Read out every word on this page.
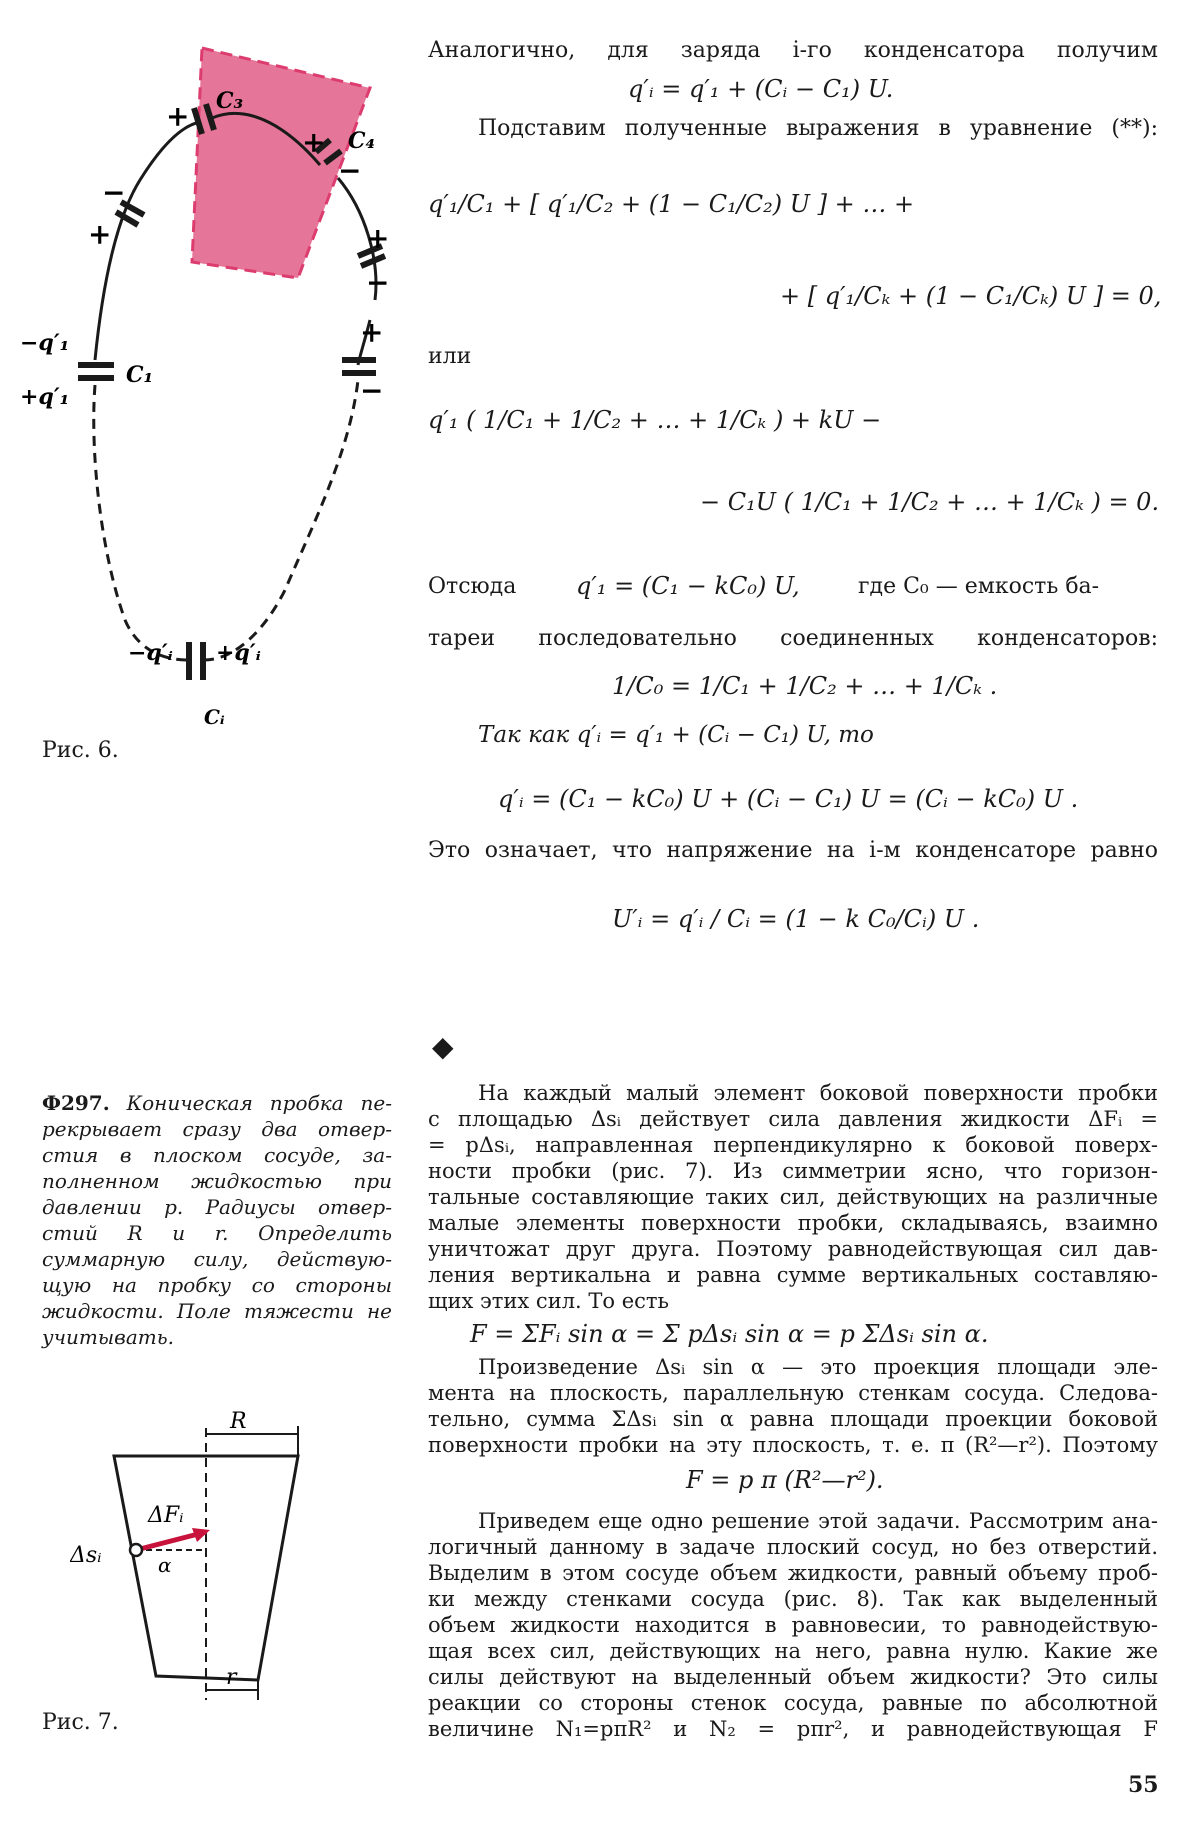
C₃
C₄
C₁
Cᵢ
−q′₁
+q′₁
−q′ᵢ +q′ᵢ
+
+
−
−
+	+
−
+
−
Рис. 6.
Аналогично, для заряда i-го конденсатора получим
q′ᵢ = q′₁ + (Cᵢ − C₁) U.
Подставим полученные выражения в уравнение (**):
q′₁/C₁ + [ q′₁/C₂ + (1 − C₁/C₂) U ] + … +
+ [ q′₁/Cₖ + (1 − C₁/Cₖ) U ] = 0,
или
q′₁ ( 1/C₁ + 1/C₂ + … + 1/Cₖ ) + kU −
− C₁U ( 1/C₁ + 1/C₂ + … + 1/Cₖ ) = 0.
Отсюда q′₁ = (C₁ − kC₀) U,	где C₀ — емкость ба-
тареи последовательно соединенных конденсаторов:
1/C₀ = 1/C₁ + 1/C₂ + … + 1/Cₖ .
Так как q′ᵢ = q′₁ + (Cᵢ − C₁) U, то
q′ᵢ = (C₁ − kC₀) U + (Cᵢ − C₁) U = (Cᵢ − kC₀) U .
Это означает, что напряжение на i-м конденсаторе равно
U′ᵢ = q′ᵢ / Cᵢ = (1 − k C₀/Cᵢ) U .
◆
Ф297. Коническая пробка пе-
рекрывает сразу два отвер-
стия в плоском сосуде, за-
полненном жидкостью при
давлении p. Радиусы отвер-
стий R и r. Определить
суммарную силу, действую-
щую на пробку со стороны
жидкости. Поле тяжести не
учитывать.
R
r
ΔFᵢ
Δsᵢ	α
Рис. 7.
На каждый малый элемент боковой поверхности пробки
с площадью Δsᵢ действует сила давления жидкости ΔFᵢ =
= pΔsᵢ, направленная перпендикулярно к боковой поверх-
ности пробки (рис. 7). Из симметрии ясно, что горизон-
тальные составляющие таких сил, действующих на различные
малые элементы поверхности пробки, складываясь, взаимно
уничтожат друг друга. Поэтому равнодействующая сил дав-
ления вертикальна и равна сумме вертикальных составляю-
щих этих сил. То есть
F = ΣFᵢ sin α = Σ pΔsᵢ sin α = p ΣΔsᵢ sin α.
Произведение Δsᵢ sin α — это проекция площади эле-
мента на плоскость, параллельную стенкам сосуда. Следова-
тельно, сумма ΣΔsᵢ sin α равна площади проекции боковой
поверхности пробки на эту плоскость, т. е. π (R²—r²). Поэтому
F = p π (R²—r²).
Приведем еще одно решение этой задачи. Рассмотрим ана-
логичный данному в задаче плоский сосуд, но без отверстий.
Выделим в этом сосуде объем жидкости, равный объему проб-
ки между стенками сосуда (рис. 8). Так как выделенный
объем жидкости находится в равновесии, то равнодействую-
щая всех сил, действующих на него, равна нулю. Какие же
силы действуют на выделенный объем жидкости? Это силы
реакции со стороны стенок сосуда, равные по абсолютной
величине N₁=pπR² и N₂ = pπr², и равнодействующая F
55
